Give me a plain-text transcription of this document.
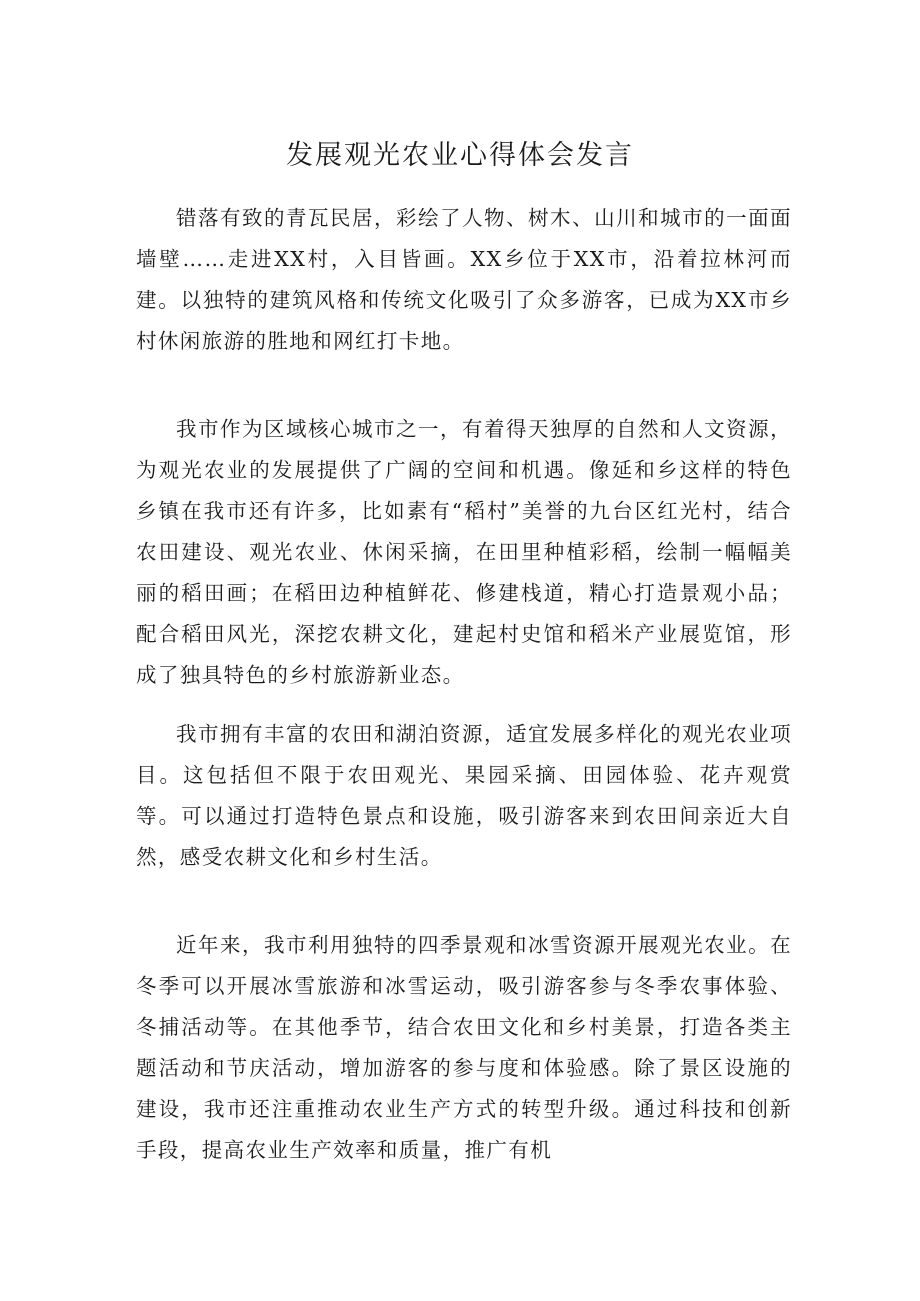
发展观光农业心得体会发言

错落有致的青瓦民居，彩绘了人物、树木、山川和城市的一面面墙壁……走进XX村，入目皆画。XX乡位于XX市，沿着拉林河而建。以独特的建筑风格和传统文化吸引了众多游客，已成为XX市乡村休闲旅游的胜地和网红打卡地。

我市作为区域核心城市之一，有着得天独厚的自然和人文资源，为观光农业的发展提供了广阔的空间和机遇。像延和乡这样的特色乡镇在我市还有许多，比如素有“稻村”美誉的九台区红光村，结合农田建设、观光农业、休闲采摘，在田里种植彩稻，绘制一幅幅美丽的稻田画；在稻田边种植鲜花、修建栈道，精心打造景观小品；配合稻田风光，深挖农耕文化，建起村史馆和稻米产业展览馆，形成了独具特色的乡村旅游新业态。

我市拥有丰富的农田和湖泊资源，适宜发展多样化的观光农业项目。这包括但不限于农田观光、果园采摘、田园体验、花卉观赏等。可以通过打造特色景点和设施，吸引游客来到农田间亲近大自然，感受农耕文化和乡村生活。

近年来，我市利用独特的四季景观和冰雪资源开展观光农业。在冬季可以开展冰雪旅游和冰雪运动，吸引游客参与冬季农事体验、冬捕活动等。在其他季节，结合农田文化和乡村美景，打造各类主题活动和节庆活动，增加游客的参与度和体验感。除了景区设施的建设，我市还注重推动农业生产方式的转型升级。通过科技和创新手段，提高农业生产效率和质量，推广有机
